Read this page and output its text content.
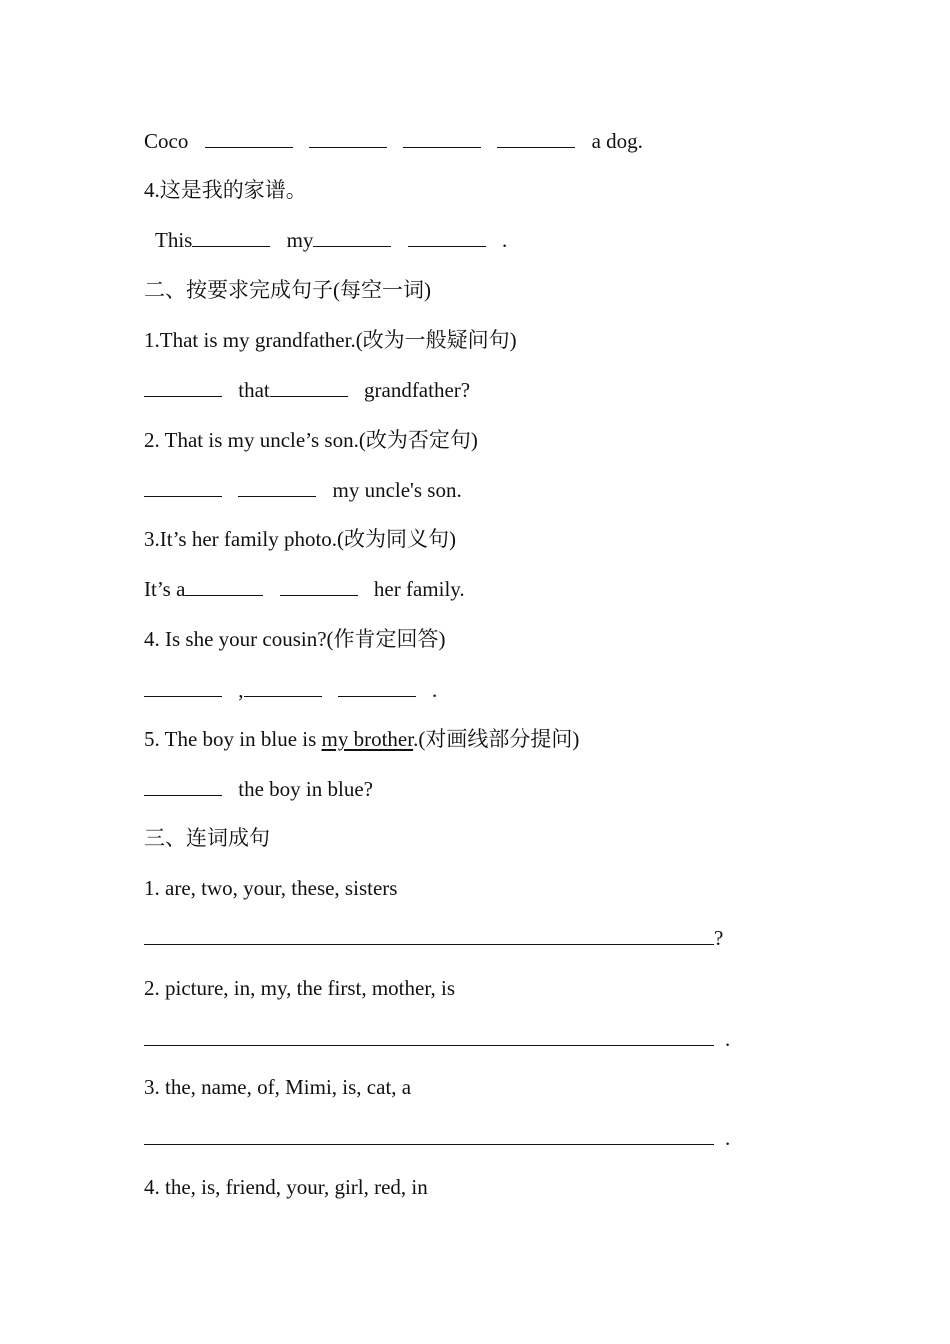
Coco	a dog.
4.这是我的家谱。
This	my	.
二、按要求完成句子(每空一词)
1.That is my grandfather.(改为一般疑问句)
that	grandfather?
2. That is my uncle’s son.(改为否定句)
my uncle's son.
3.It’s her family photo.(改为同义句)
It’s a	her family.
4. Is she your cousin?(作肯定回答)
,	.
5. The boy in blue is my brother.(对画线部分提问)
the boy in blue?
三、连词成句
1. are, two, your, these, sisters
?
2. picture, in, my, the first, mother, is
.
3. the, name, of, Mimi, is, cat, a
.
4. the, is, friend, your, girl, red, in
